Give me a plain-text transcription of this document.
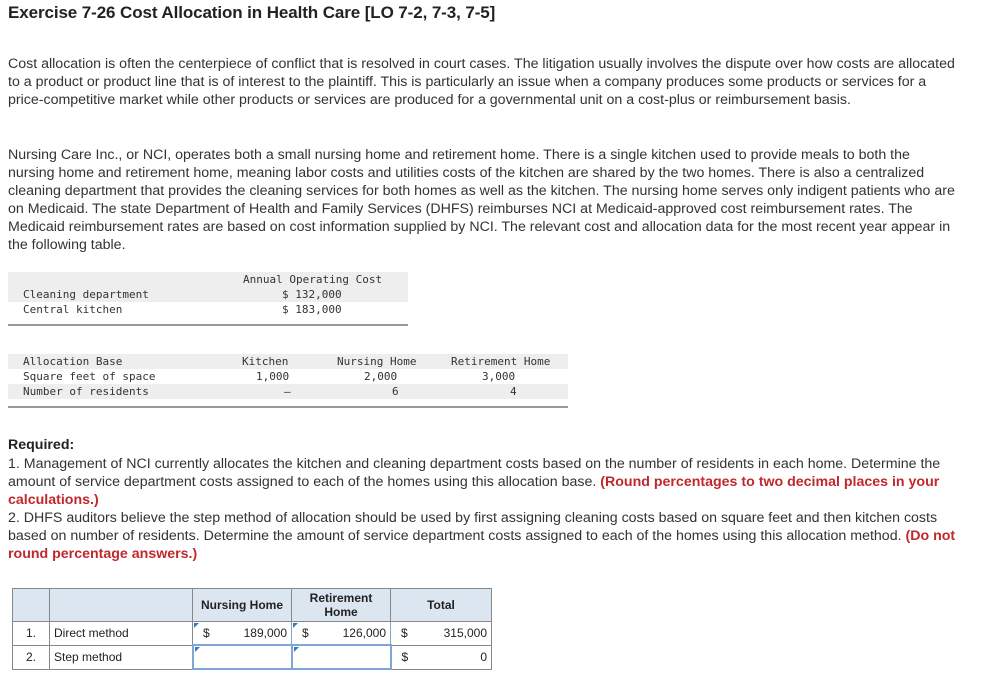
Exercise 7-26 Cost Allocation in Health Care [LO 7-2, 7-3, 7-5]
Cost allocation is often the centerpiece of conflict that is resolved in court cases. The litigation usually involves the dispute over how costs are allocated to a product or product line that is of interest to the plaintiff. This is particularly an issue when a company produces some products or services for a price-competitive market while other products or services are produced for a governmental unit on a cost-plus or reimbursement basis.
Nursing Care Inc., or NCI, operates both a small nursing home and retirement home. There is a single kitchen used to provide meals to both the nursing home and retirement home, meaning labor costs and utilities costs of the kitchen are shared by the two homes. There is also a centralized cleaning department that provides the cleaning services for both homes as well as the kitchen. The nursing home serves only indigent patients who are on Medicaid. The state Department of Health and Family Services (DHFS) reimburses NCI at Medicaid-approved cost reimbursement rates. The Medicaid reimbursement rates are based on cost information supplied by NCI. The relevant cost and allocation data for the most recent year appear in the following table.
Annual Operating Cost
Cleaning department	$ 132,000
Central kitchen	$ 183,000
Allocation Base	Kitchen	Nursing Home	Retirement Home
Square feet of space	1,000	2,000	3,000
Number of residents	–	6	4
Required:
1. Management of NCI currently allocates the kitchen and cleaning department costs based on the number of residents in each home. Determine the amount of service department costs assigned to each of the homes using this allocation base. (Round percentages to two decimal places in your calculations.)
2. DHFS auditors believe the step method of allocation should be used by first assigning cleaning costs based on square feet and then kitchen costs based on number of residents. Determine the amount of service department costs assigned to each of the homes using this allocation method. (Do not round percentage answers.)
		Nursing Home	Retirement Home	Total
1.	Direct method	$ 189,000	$ 126,000	$ 315,000

2.	Step method			$ 0
